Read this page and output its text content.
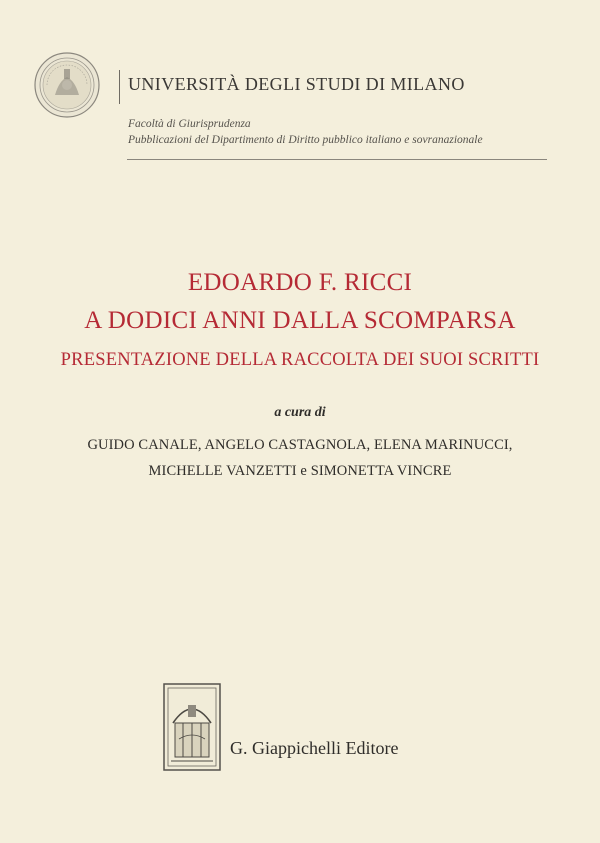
UNIVERSITÀ DEGLI STUDI DI MILANO
Facoltà di Giurisprudenza
Pubblicazioni del Dipartimento di Diritto pubblico italiano e sovranazionale
EDOARDO F. RICCI
A DODICI ANNI DALLA SCOMPARSA
PRESENTAZIONE DELLA RACCOLTA DEI SUOI SCRITTI
a cura di
GUIDO CANALE, ANGELO CASTAGNOLA, ELENA MARINUCCI,
MICHELLE VANZETTI e SIMONETTA VINCRE
G. Giappichelli Editore
